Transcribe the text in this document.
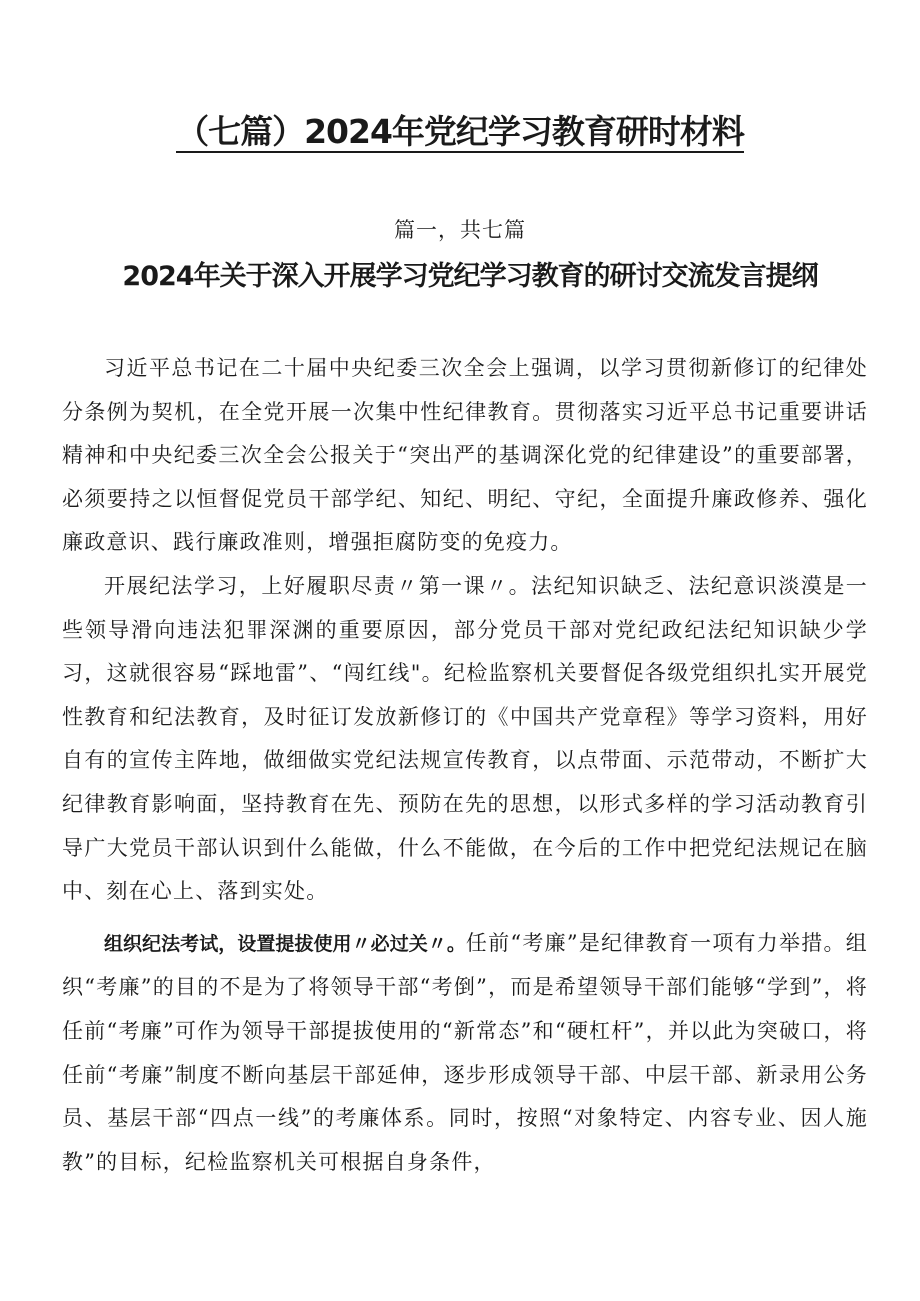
（七篇）2024年党纪学习教育研时材料
篇一，共七篇
2024年关于深入开展学习党纪学习教育的研讨交流发言提纲

习近平总书记在二十届中央纪委三次全会上强调，以学习贯彻新修订的纪律处分条例为契机，在全党开展一次集中性纪律教育。贯彻落实习近平总书记重要讲话精神和中央纪委三次全会公报关于“突出严的基调深化党的纪律建设”的重要部署，必须要持之以恒督促党员干部学纪、知纪、明纪、守纪，全面提升廉政修养、强化廉政意识、践行廉政准则，增强拒腐防变的免疫力。

开展纪法学习，上好履职尽责〃第一课〃。法纪知识缺乏、法纪意识淡漠是一些领导滑向违法犯罪深渊的重要原因，部分党员干部对党纪政纪法纪知识缺少学习，这就很容易“踩地雷”、“闯红线"。纪检监察机关要督促各级党组织扎实开展党性教育和纪法教育，及时征订发放新修订的《中国共产党章程》等学习资料，用好自有的宣传主阵地，做细做实党纪法规宣传教育，以点带面、示范带动，不断扩大纪律教育影响面，坚持教育在先、预防在先的思想，以形式多样的学习活动教育引导广大党员干部认识到什么能做，什么不能做，在今后的工作中把党纪法规记在脑中、刻在心上、落到实处。

组织纪法考试，设置提拔使用〃必过关〃。任前“考廉”是纪律教育一项有力举措。组织“考廉”的目的不是为了将领导干部“考倒”，而是希望领导干部们能够“学到”，将任前“考廉”可作为领导干部提拔使用的“新常态”和“硬杠杆”，并以此为突破口，将任前“考廉”制度不断向基层干部延伸，逐步形成领导干部、中层干部、新录用公务员、基层干部“四点一线”的考廉体系。同时，按照“对象特定、内容专业、因人施教”的目标，纪检监察机关可根据自身条件，
